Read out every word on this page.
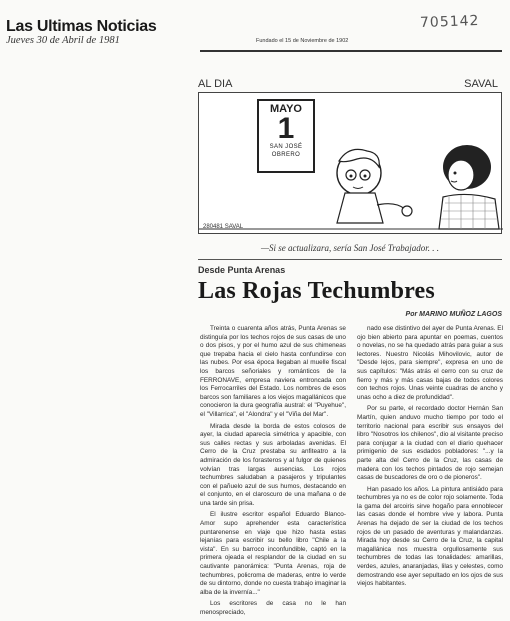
Las Ultimas Noticias
Jueves 30 de Abril de 1981
705142
Fundado el 15 de Noviembre de 1902
AL DIA	SAVAL
MAYO
1
SAN JOSÉ
OBRERO
280481 SAVAL
—Si se actualizara, sería San José Trabajador. . .
Desde Punta Arenas
Las Rojas Techumbres
Por MARINO MUÑOZ LAGOS

Treinta o cuarenta años atrás, Punta Arenas se distinguía por los techos rojos de sus casas de uno o dos pisos, y por el humo azul de sus chimeneas que trepaba hacia el cielo hasta confundirse con las nubes. Por esa época llegaban al muelle fiscal los barcos señoriales y románticos de la FERRONAVE, empresa naviera entroncada con los Ferrocarriles del Estado. Los nombres de esos barcos son familiares a los viejos magallánicos que conocieron la dura geografía austral: el "Puyehue", el "Villarrica", el "Alondra" y el "Viña del Mar".

Mirada desde la borda de estos colosos de ayer, la ciudad aparecía simétrica y apacible, con sus calles rectas y sus arboladas avenidas. El Cerro de la Cruz prestaba su anfiteatro a la admiración de los forasteros y al fulgor de quienes volvían tras largas ausencias. Los rojos techumbres saludaban a pasajeros y tripulantes con el pañuelo azul de sus humos, destacando en el conjunto, en el claroscuro de una mañana o de una tarde sin prisa.

El ilustre escritor español Eduardo Blanco-Amor supo aprehender esta característica puntarenense en viaje que hizo hasta estas lejanías para escribir su bello libro "Chile a la vista". En su barroco inconfundible, captó en la primera ojeada el resplandor de la ciudad en su cautivante panorámica: "Punta Arenas, roja de techumbres, policroma de maderas, entre lo verde de su dintorno, donde no cuesta trabajo imaginar la alba de la invernía..."

Los escritores de casa no le han menospreciado,

nado ese distintivo del ayer de Punta Arenas. El ojo bien abierto para apuntar en poemas, cuentos o novelas, no se ha quedado atrás para guiar a sus lectores. Nuestro Nicolás Mihovilovic, autor de "Desde lejos, para siempre", expresa en uno de sus capítulos: "Más atrás el cerro con su cruz de fierro y más y más casas bajas de todos colores con techos rojos. Unas veinte cuadras de ancho y unas ocho a diez de profundidad".

Por su parte, el recordado doctor Hernán San Martín, quien anduvo mucho tiempo por todo el territorio nacional para escribir sus ensayos del libro "Nosotros los chilenos", dio al visitante preciso para conjugar a la ciudad con el diario quehacer primigenio de sus esdados pobladores: "...y la parte alta del Cerro de la Cruz, las casas de madera con los techos pintados de rojo semejan casas de buscadores de oro o de pioneros".

Han pasado los años. La pintura antisiádo para techumbres ya no es de color rojo solamente. Toda la gama del arcoiris sirve hogaño para ennoblecer las casas donde el hombre vive y labora. Punta Arenas ha dejado de ser la ciudad de los techos rojos de un pasado de aventuras y malandanzas. Mirada hoy desde su Cerro de la Cruz, la capital magallánica nos muestra orgullosamente sus techumbres de todas las tonalidades: amarillas, verdes, azules, anaranjadas, lilas y celestes, como demostrando ese ayer sepultado en los ojos de sus viejos habitantes.
